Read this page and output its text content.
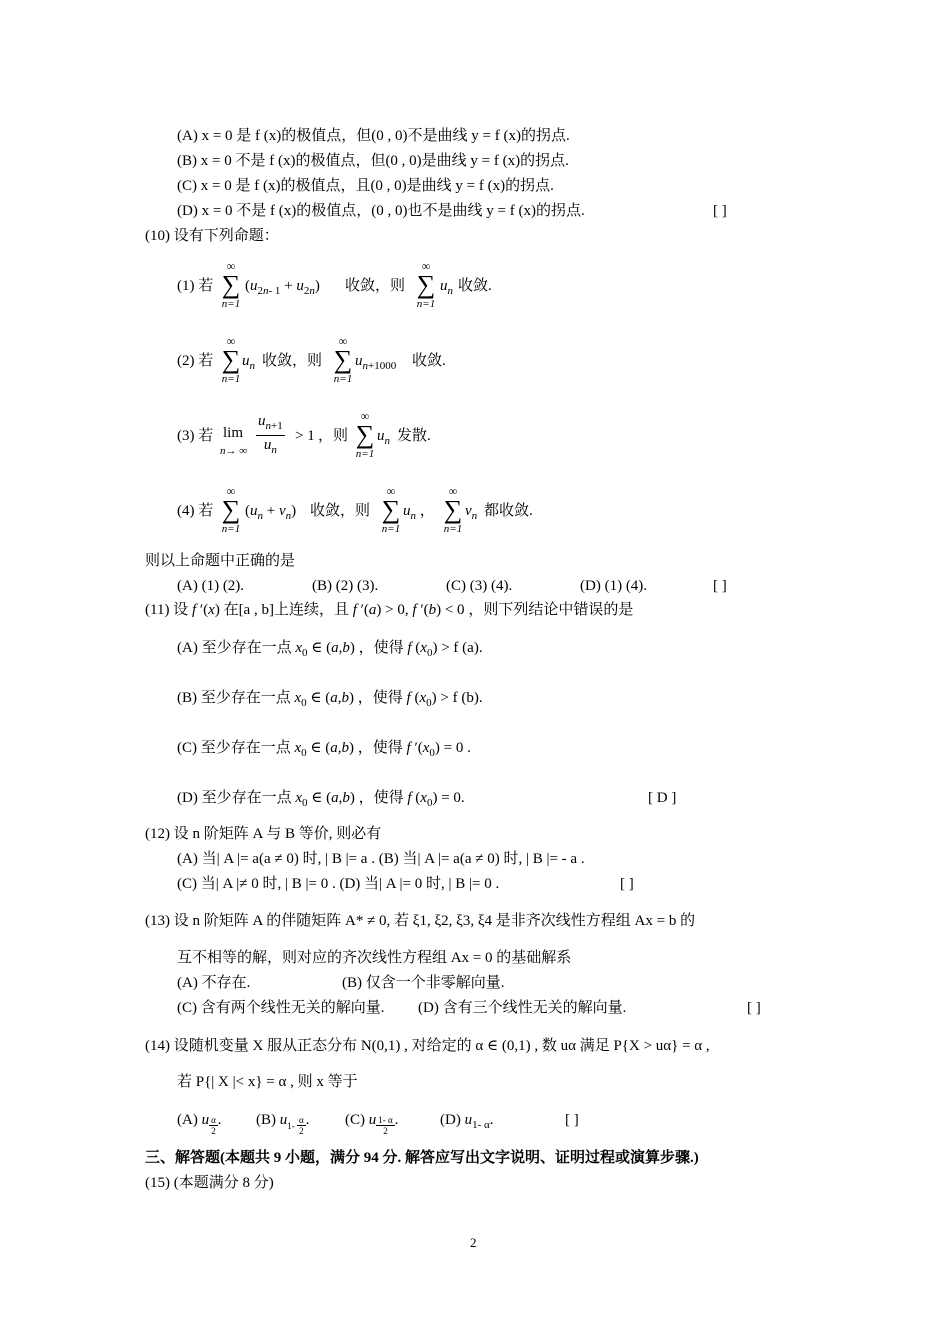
(A) x = 0 是 f (x)的极值点，但(0 , 0)不是曲线 y = f (x)的拐点.
(B) x = 0 不是 f (x)的极值点，但(0 , 0)是曲线 y = f (x)的拐点.
(C) x = 0 是 f (x)的极值点，且(0 , 0)是曲线 y = f (x)的拐点.
(D) x = 0 不是 f (x)的极值点，(0 , 0)也不是曲线 y = f (x)的拐点.	[ ]
(10) 设有下列命题：
(1) 若
∞
∑
n=1
$(u_{2n- 1} + u_{2n})$ 收敛，则
∞
∑
n=1
$u_n$ 收敛.
(2) 若
∞
∑
n=1
$u_n$ 收敛，则
∞
∑
n=1
$u_{n+1000}$ 收敛.
(3) 若 lim
n→ ∞ $\frac{u_{n+1}}{u_n} > 1$ ，则
∞
∑
n=1
$u_n$ 发散.
(4) 若
∞
∑
n=1
$(u_n + v_n)$ 收敛，则
∞
∑
n=1
$u_n$ ，
∞
∑
n=1
$v_n$ 都收敛.
则以上命题中正确的是
(A) (1) (2).	(B) (2) (3).	(C) (3) (4).	(D) (1) (4).	[ ]
(11) 设 f ′(x) 在[a , b]上连续，且 f ′(a) > 0, f ′(b) < 0 ，则下列结论中错误的是
(A) 至少存在一点 $x_0$ ∈ (a,b) ，使得 f $(x_0) > f$ (a).
(B) 至少存在一点 $x_0$ ∈ (a,b) ，使得 f $(x_0) > f$ (b).
(C) 至少存在一点 $x_0$ ∈ (a,b) ，使得 f $'(x_0) = 0$ .
(D) 至少存在一点 $x_0$ ∈ (a,b) ，使得 f $(x_0) = 0$.	[ D ]
(12) 设 n 阶矩阵 A 与 B 等价, 则必有
(A) 当| A |= a(a ≠ 0) 时, | B |= a . (B) 当| A |= a(a ≠ 0) 时, | B |= - a .
(C) 当| A |≠ 0 时, | B |= 0 . (D) 当| A |= 0 时, | B |= 0 .	[ ]
(13) 设 n 阶矩阵 A 的伴随矩阵 A* ≠ 0, 若 ξ1, ξ2, ξ3, ξ4 是非齐次线性方程组 Ax = b 的
互不相等的解，则对应的齐次线性方程组 Ax = 0 的基础解系
(A) 不存在.	(B) 仅含一个非零解向量.
(C) 含有两个线性无关的解向量. (D) 含有三个线性无关的解向量.	[ ]
(14) 设随机变量 X 服从正态分布 N(0,1) , 对给定的 α ∈ (0,1) , 数 uα 满足 P{X > uα} = α ,
若 P{| X |< x} = α , 则 x 等于
(A) u $\frac{\alpha}{2}$ . (B) $u_{1-} \frac{\alpha}{2}$ . (C) u $\frac{1- \alpha}{2}$ .	(D) $u_{1- \alpha}$.	[ ]
三、解答题(本题共 9 小题，满分 94 分. 解答应写出文字说明、证明过程或演算步骤.)
(15) (本题满分 8 分)
2
